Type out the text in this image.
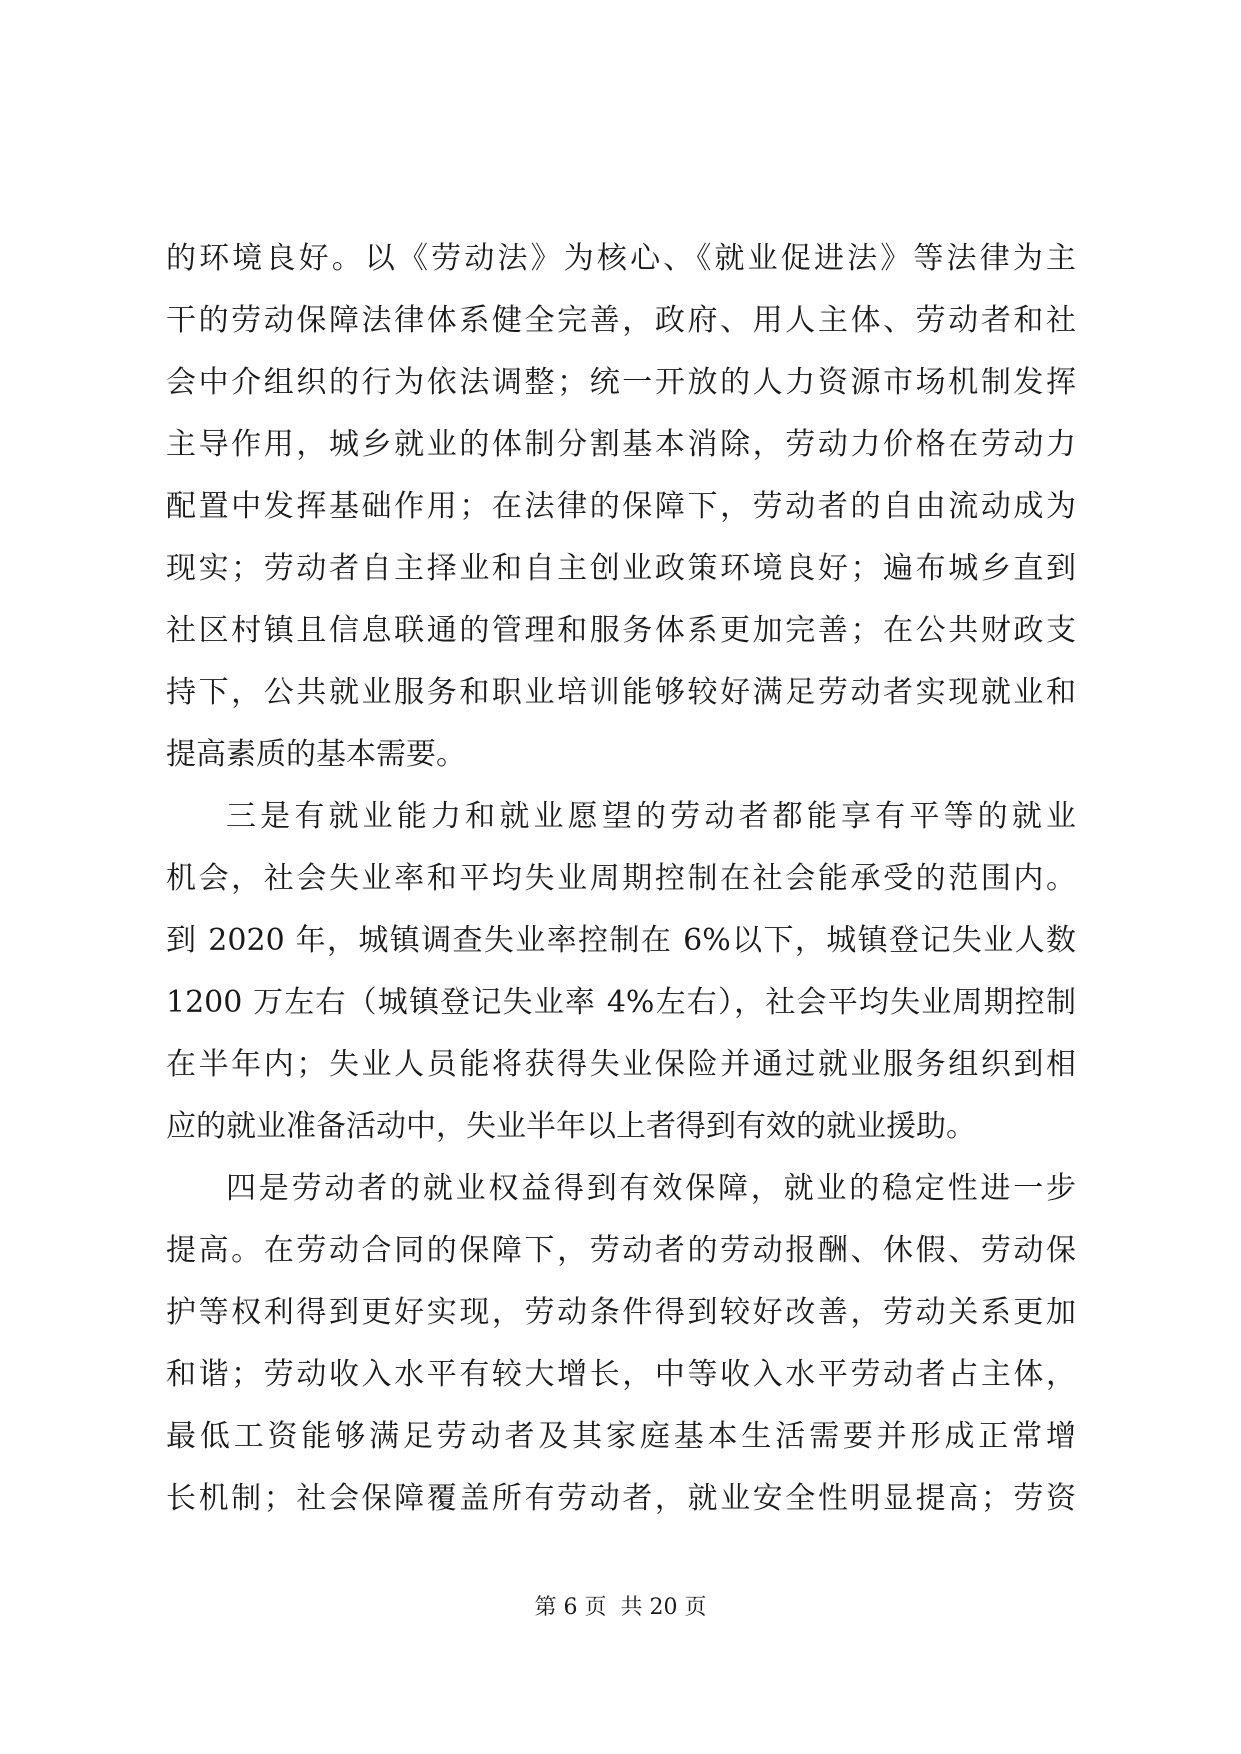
的环境良好。以《劳动法》为核心、《就业促进法》等法律为主
干的劳动保障法律体系健全完善，政府、用人主体、劳动者和社
会中介组织的行为依法调整；统一开放的人力资源市场机制发挥
主导作用，城乡就业的体制分割基本消除，劳动力价格在劳动力
配置中发挥基础作用；在法律的保障下，劳动者的自由流动成为
现实；劳动者自主择业和自主创业政策环境良好；遍布城乡直到
社区村镇且信息联通的管理和服务体系更加完善；在公共财政支
持下，公共就业服务和职业培训能够较好满足劳动者实现就业和
提高素质的基本需要。
三是有就业能力和就业愿望的劳动者都能享有平等的就业
机会，社会失业率和平均失业周期控制在社会能承受的范围内。
到 2020 年，城镇调查失业率控制在 6%以下，城镇登记失业人数
1200 万左右（城镇登记失业率 4%左右），社会平均失业周期控制
在半年内；失业人员能将获得失业保险并通过就业服务组织到相
应的就业准备活动中，失业半年以上者得到有效的就业援助。
四是劳动者的就业权益得到有效保障，就业的稳定性进一步
提高。在劳动合同的保障下，劳动者的劳动报酬、休假、劳动保
护等权利得到更好实现，劳动条件得到较好改善，劳动关系更加
和谐；劳动收入水平有较大增长，中等收入水平劳动者占主体，
最低工资能够满足劳动者及其家庭基本生活需要并形成正常增
长机制；社会保障覆盖所有劳动者，就业安全性明显提高；劳资
第 6 页  共 20 页
